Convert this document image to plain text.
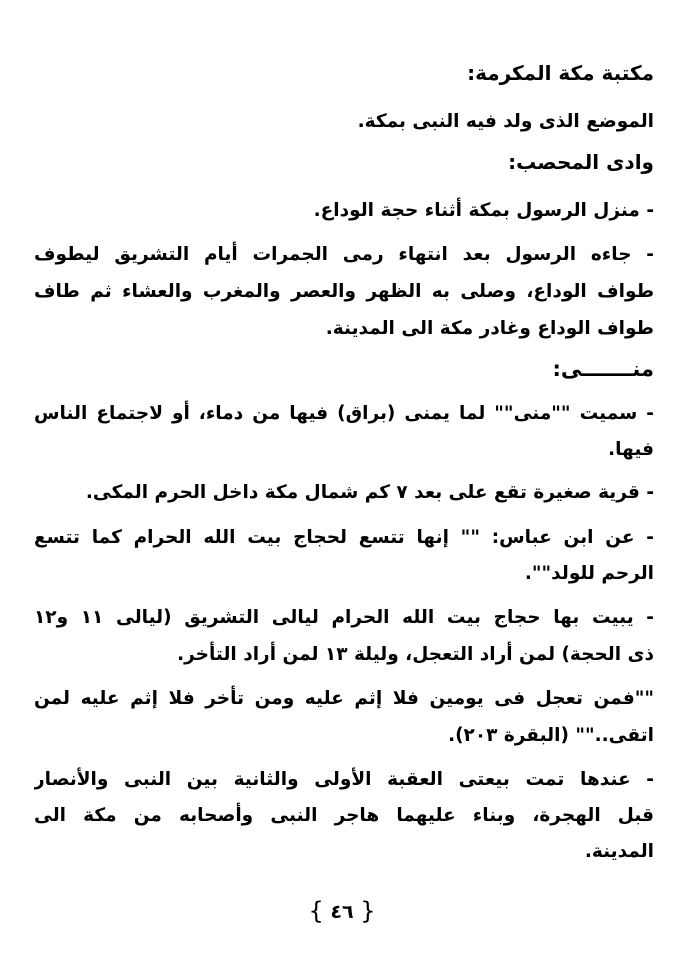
مكتبة مكة المكرمة:
الموضع الذى ولد فيه النبى بمكة.
وادى المحصب:
- منزل الرسول بمكة أثناء حجة الوداع.
- جاءه الرسول بعد انتهاء رمى الجمرات أيام التشريق ليطوف
طواف الوداع، وصلى به الظهر والعصر والمغرب والعشاء ثم طاف
طواف الوداع وغادر مكة الى المدينة.
منـــــــى:
- سميت ""منى"" لما يمنى (براق) فيها من دماء، أو لاجتماع الناس
فيها.
- قرية صغيرة تقع على بعد ٧ كم شمال مكة داخل الحرم المكى.
- عن ابن عباس: "" إنها تتسع لحجاج بيت الله الحرام كما تتسع
الرحم للولد"".
- يبيت بها حجاج بيت الله الحرام ليالى التشريق (ليالى ١١ و١٢
ذى الحجة) لمن أراد التعجل، وليلة ١٣ لمن أراد التأخر.
""فمن تعجل فى يومين فلا إثم عليه ومن تأخر فلا إثم عليه لمن
اتقى.."" (البقرة ٢٠٣).
- عندها تمت بيعتى العقبة الأولى والثانية بين النبى والأنصار
قبل الهجرة، وبناء عليهما هاجر النبى وأصحابه من مكة الى
المدينة.
{ ٤٦ }
